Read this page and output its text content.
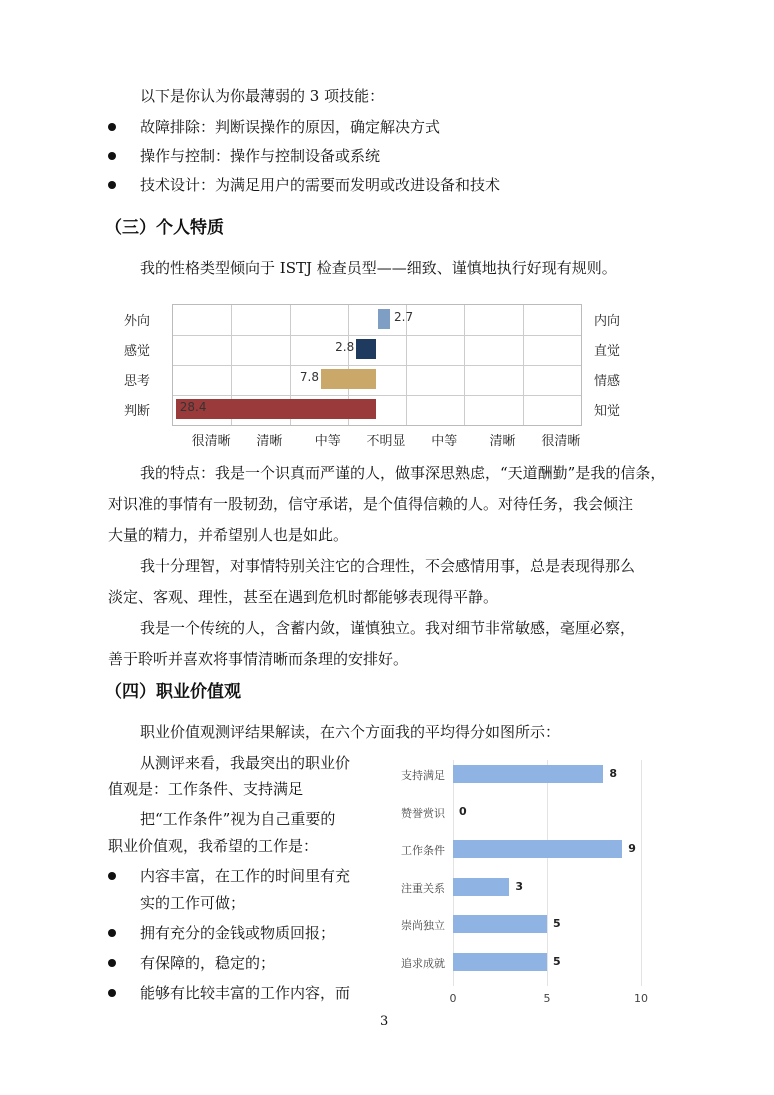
以下是你认为你最薄弱的 3 项技能：
故障排除：判断误操作的原因，确定解决方式
操作与控制：操作与控制设备或系统
技术设计：为满足用户的需要而发明或改进设备和技术
（三）个人特质
我的性格类型倾向于 ISTJ 检查员型——细致、谨慎地执行好现有规则。
外向	内向
2.7
感觉	直觉
2.8
思考	情感
7.8
判断	知觉
28.4
很清晰 清晰 中等 不明显 中等 清晰 很清晰
我的特点：我是一个识真而严谨的人，做事深思熟虑，“天道酬勤”是我的信条，
对识准的事情有一股韧劲，信守承诺，是个值得信赖的人。对待任务，我会倾注
大量的精力，并希望别人也是如此。
我十分理智，对事情特别关注它的合理性，不会感情用事，总是表现得那么
淡定、客观、理性，甚至在遇到危机时都能够表现得平静。
我是一个传统的人，含蓄内敛，谨慎独立。我对细节非常敏感，毫厘必察，
善于聆听并喜欢将事情清晰而条理的安排好。
（四）职业价值观
职业价值观测评结果解读，在六个方面我的平均得分如图所示：
从测评来看，我最突出的职业价
值观是：工作条件、支持满足
把“工作条件”视为自己重要的
职业价值观，我希望的工作是：
内容丰富，在工作的时间里有充
实的工作可做；
拥有充分的金钱或物质回报；
有保障的，稳定的；
能够有比较丰富的工作内容，而	0	5	10
支持满足	8
赞誉赏识 0
工作条件	9
注重关系	3
崇尚独立	5
追求成就	5
3
